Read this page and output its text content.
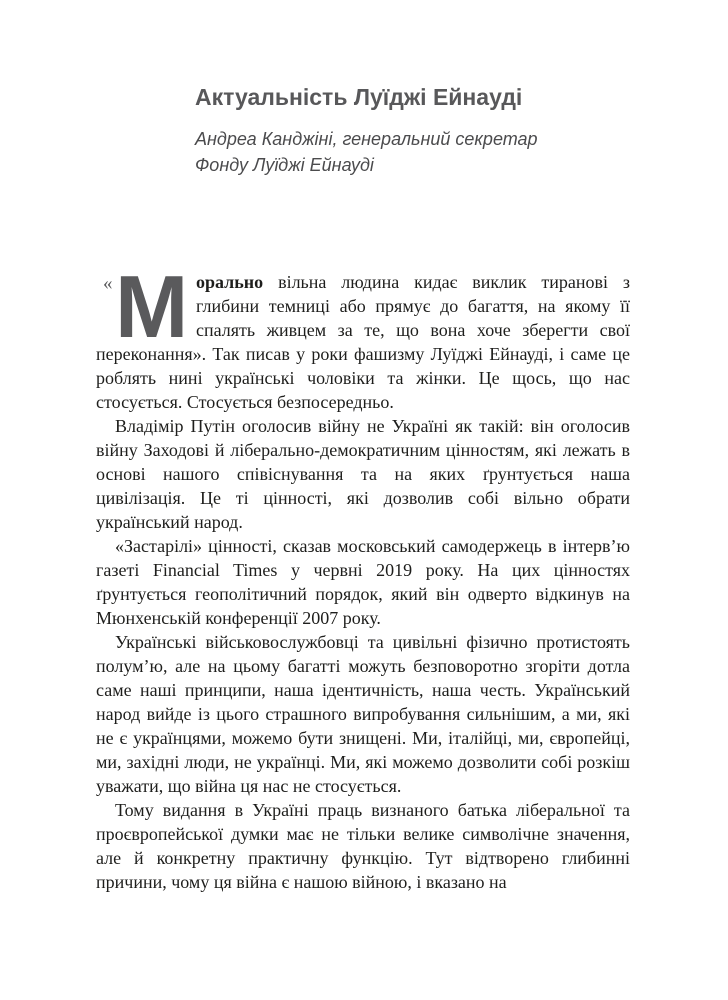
Актуальність Луїджі Ейнауді

Андреа Канджіні, генеральний секретар
Фонду Луїджі Ейнауді

« М орально вільна людина кидає виклик тиранові з глибини темниці або прямує до багаття, на якому її спалять живцем за те, що вона хоче зберегти свої переконання». Так писав у роки фашизму Луїджі Ейнауді, і саме це роблять нині українські чоловіки та жінки. Це щось, що нас стосується. Стосується безпосередньо.

Владімір Путін оголосив війну не Україні як такій: він оголосив війну Заходові й ліберально-демократичним цінностям, які лежать в основі нашого співіснування та на яких ґрунтується наша цивілізація. Це ті цінності, які дозволив собі вільно обрати український народ.

«Застарілі» цінності, сказав московський самодержець в інтерв’ю газеті Financial Times у червні 2019 року. На цих цінностях ґрунтується геополітичний порядок, який він одверто відкинув на Мюнхенській конференції 2007 року.

Українські військовослужбовці та цивільні фізично протистоять полум’ю, але на цьому багатті можуть безповоротно згоріти дотла саме наші принципи, наша ідентичність, наша честь. Український народ вийде із цього страшного випробування сильнішим, а ми, які не є українцями, можемо бути знищені. Ми, італійці, ми, європейці, ми, західні люди, не українці. Ми, які можемо дозволити собі розкіш уважати, що війна ця нас не стосується.

Тому видання в Україні праць визнаного батька ліберальної та проєвропейської думки має не тільки велике символічне значення, але й конкретну практичну функцію. Тут відтворено глибинні причини, чому ця війна є нашою війною, і вказано на
